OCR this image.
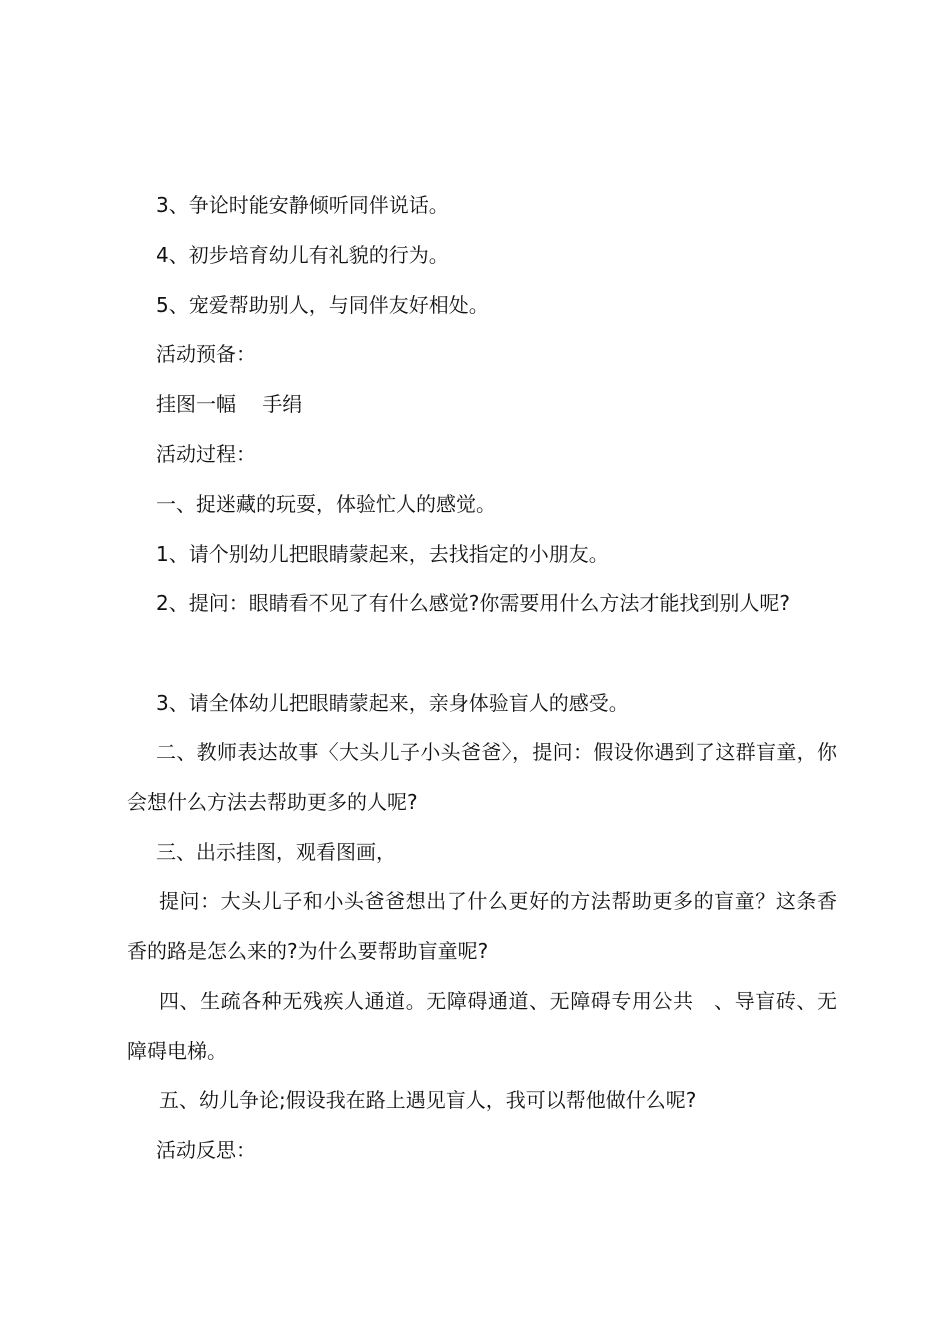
3、争论时能安静倾听同伴说话。

4、初步培育幼儿有礼貌的行为。

5、宠爱帮助别人，与同伴友好相处。

活动预备：

挂图一幅　 手绢

活动过程：

一、捉迷藏的玩耍，体验忙人的感觉。

1、请个别幼儿把眼睛蒙起来，去找指定的小朋友。

2、提问：眼睛看不见了有什么感觉?你需要用什么方法才能找到别人呢?

3、请全体幼儿把眼睛蒙起来，亲身体验盲人的感受。

二、教师表达故事〈大头儿子小头爸爸〉，提问：假设你遇到了这群盲童，你会想什么方法去帮助更多的人呢?

三、出示挂图，观看图画，

提问：大头儿子和小头爸爸想出了什么更好的方法帮助更多的盲童？这条香香的路是怎么来的?为什么要帮助盲童呢?

四、生疏各种无残疾人通道。无障碍通道、无障碍专用公共　、导盲砖、无障碍电梯。

五、幼儿争论;假设我在路上遇见盲人，我可以帮他做什么呢?

活动反思：
